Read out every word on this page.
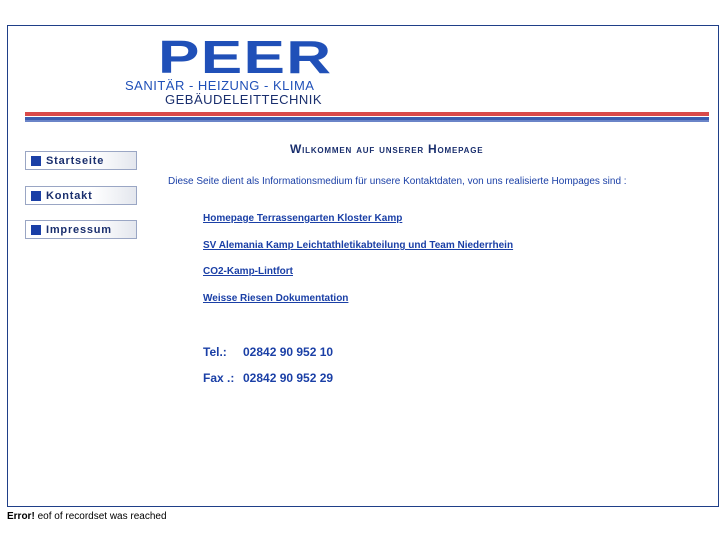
PEER
SANITÄR - HEIZUNG - KLIMA
GEBÄUDELEITTECHNIK
Startseite
Kontakt
Impressum
Wilkommen auf unserer Homepage
Diese Seite dient als Informationsmedium für unsere Kontaktdaten, von uns realisierte Hompages sind :
Homepage Terrassengarten Kloster Kamp
SV Alemania Kamp Leichtathletikabteilung und Team Niederrhein
CO2-Kamp-Lintfort
Weisse Riesen Dokumentation
Tel.: 02842 90 952 10
Fax .: 02842 90 952 29
Error! eof of recordset was reached
